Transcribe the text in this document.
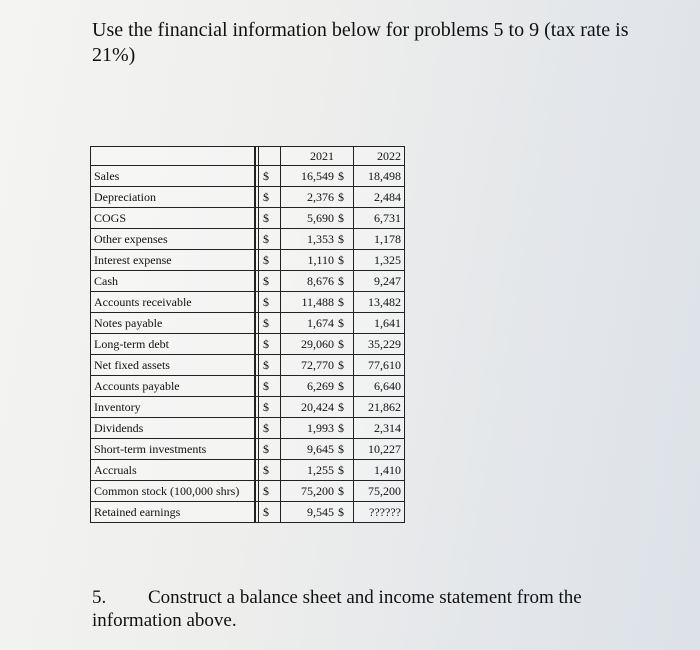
Use the financial information below for problems 5 to 9 (tax rate is 21%)

			2021		2022
Sales		$	16,549	$	18,498
Depreciation		$	2,376	$	2,484
COGS		$	5,690	$	6,731
Other expenses		$	1,353	$	1,178
Interest expense		$	1,110	$	1,325
Cash		$	8,676	$	9,247
Accounts receivable		$	11,488	$	13,482
Notes payable		$	1,674	$	1,641
Long-term debt		$	29,060	$	35,229
Net fixed assets		$	72,770	$	77,610
Accounts payable		$	6,269	$	6,640
Inventory		$	20,424	$	21,862
Dividends		$	1,993	$	2,314
Short-term investments		$	9,645	$	10,227
Accruals		$	1,255	$	1,410
Common stock (100,000 shrs)		$	75,200	$	75,200
Retained earnings		$	9,545	$	??????

5. Construct a balance sheet and income statement from the information above.
